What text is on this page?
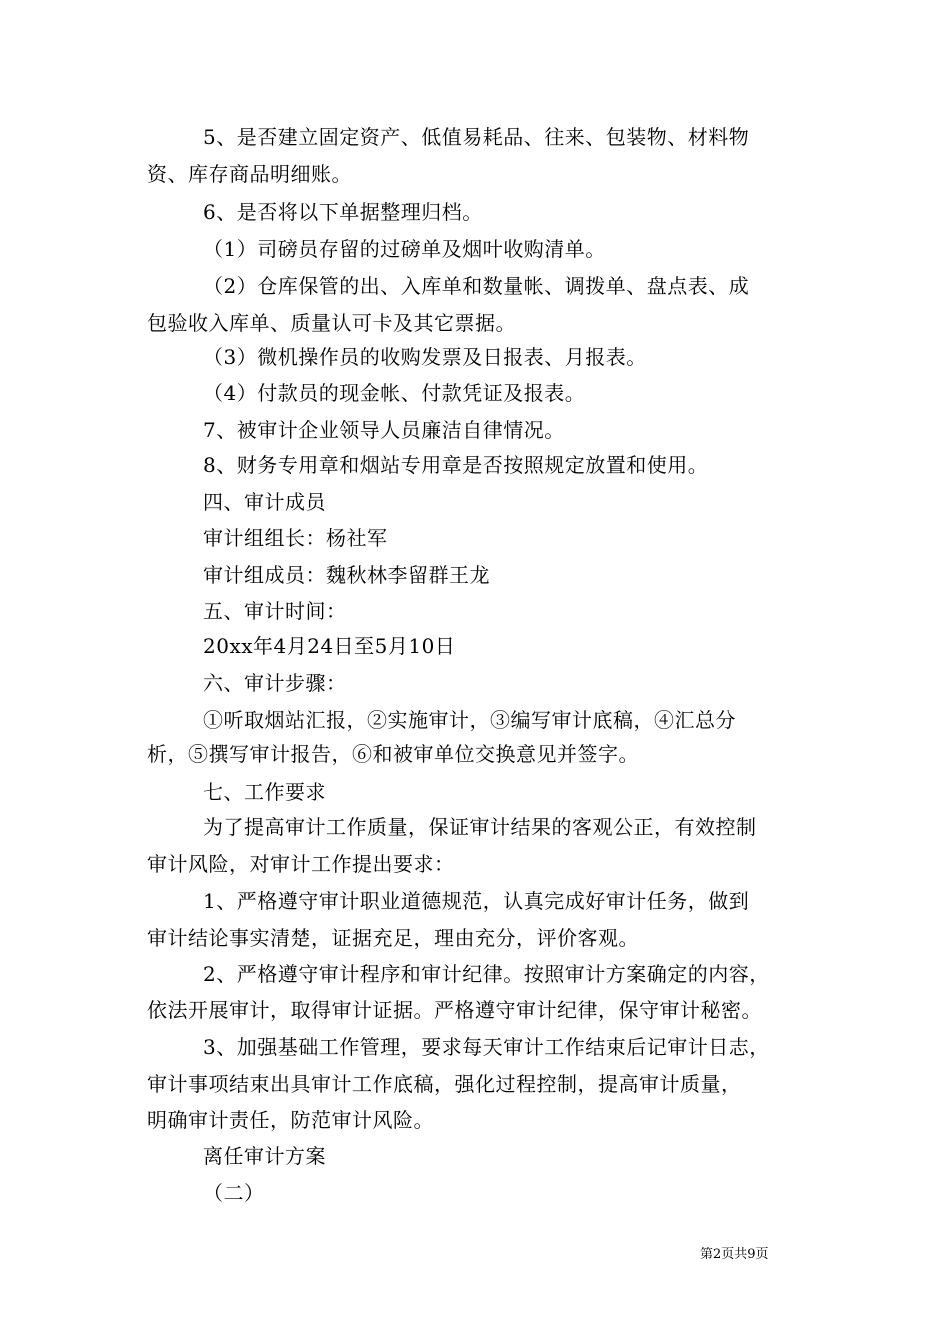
5、是否建立固定资产、低值易耗品、往来、包装物、材料物
资、库存商品明细账。
6、是否将以下单据整理归档。
（1）司磅员存留的过磅单及烟叶收购清单。
（2）仓库保管的出、入库单和数量帐、调拨单、盘点表、成
包验收入库单、质量认可卡及其它票据。
（3）微机操作员的收购发票及日报表、月报表。
（4）付款员的现金帐、付款凭证及报表。
7、被审计企业领导人员廉洁自律情况。
8、财务专用章和烟站专用章是否按照规定放置和使用。
四、审计成员
审计组组长：杨社军
审计组成员：魏秋林李留群王龙
五、审计时间：
20xx年4月24日至5月10日
六、审计步骤：
①听取烟站汇报，②实施审计，③编写审计底稿，④汇总分
析，⑤撰写审计报告，⑥和被审单位交换意见并签字。
七、工作要求
为了提高审计工作质量，保证审计结果的客观公正，有效控制
审计风险，对审计工作提出要求：
1、严格遵守审计职业道德规范，认真完成好审计任务，做到
审计结论事实清楚，证据充足，理由充分，评价客观。
2、严格遵守审计程序和审计纪律。按照审计方案确定的内容，
依法开展审计，取得审计证据。严格遵守审计纪律，保守审计秘密。
3、加强基础工作管理，要求每天审计工作结束后记审计日志，
审计事项结束出具审计工作底稿，强化过程控制，提高审计质量，
明确审计责任，防范审计风险。
离任审计方案
（二）
第2页共9页
